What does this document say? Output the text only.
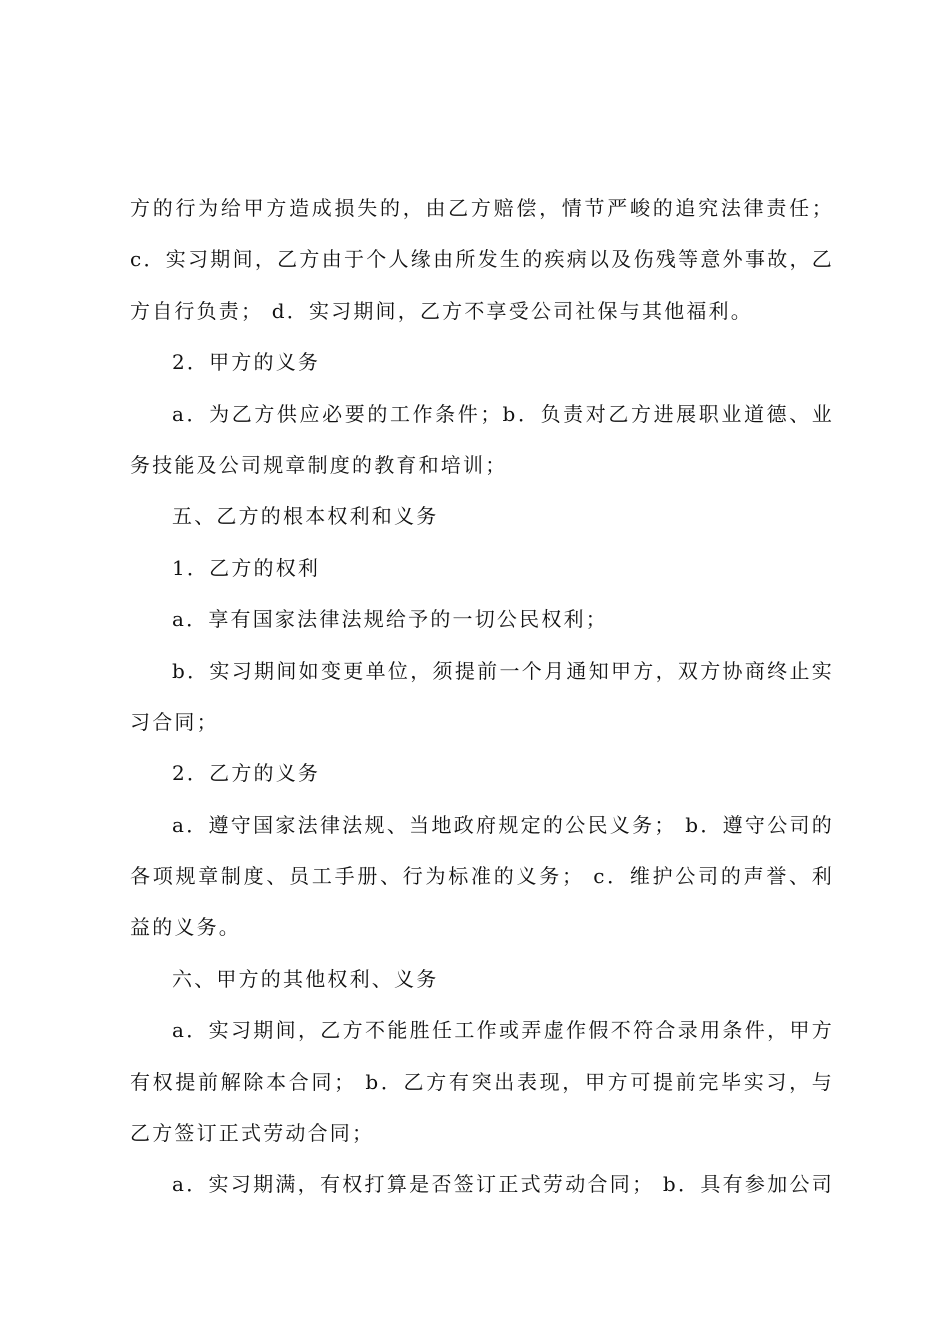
方的行为给甲方造成损失的，由乙方赔偿，情节严峻的追究法律责任；
c．实习期间，乙方由于个人缘由所发生的疾病以及伤残等意外事故，乙
方自行负责； d．实习期间，乙方不享受公司社保与其他福利。
2．甲方的义务
a．为乙方供应必要的工作条件；b．负责对乙方进展职业道德、业
务技能及公司规章制度的教育和培训；
五、乙方的根本权利和义务
1．乙方的权利
a．享有国家法律法规给予的一切公民权利；
b．实习期间如变更单位，须提前一个月通知甲方，双方协商终止实
习合同；
2．乙方的义务
a．遵守国家法律法规、当地政府规定的公民义务； b．遵守公司的
各项规章制度、员工手册、行为标准的义务； c．维护公司的声誉、利
益的义务。
六、甲方的其他权利、义务
a．实习期间，乙方不能胜任工作或弄虚作假不符合录用条件，甲方
有权提前解除本合同； b．乙方有突出表现，甲方可提前完毕实习，与
乙方签订正式劳动合同；
a．实习期满，有权打算是否签订正式劳动合同； b．具有参加公司
